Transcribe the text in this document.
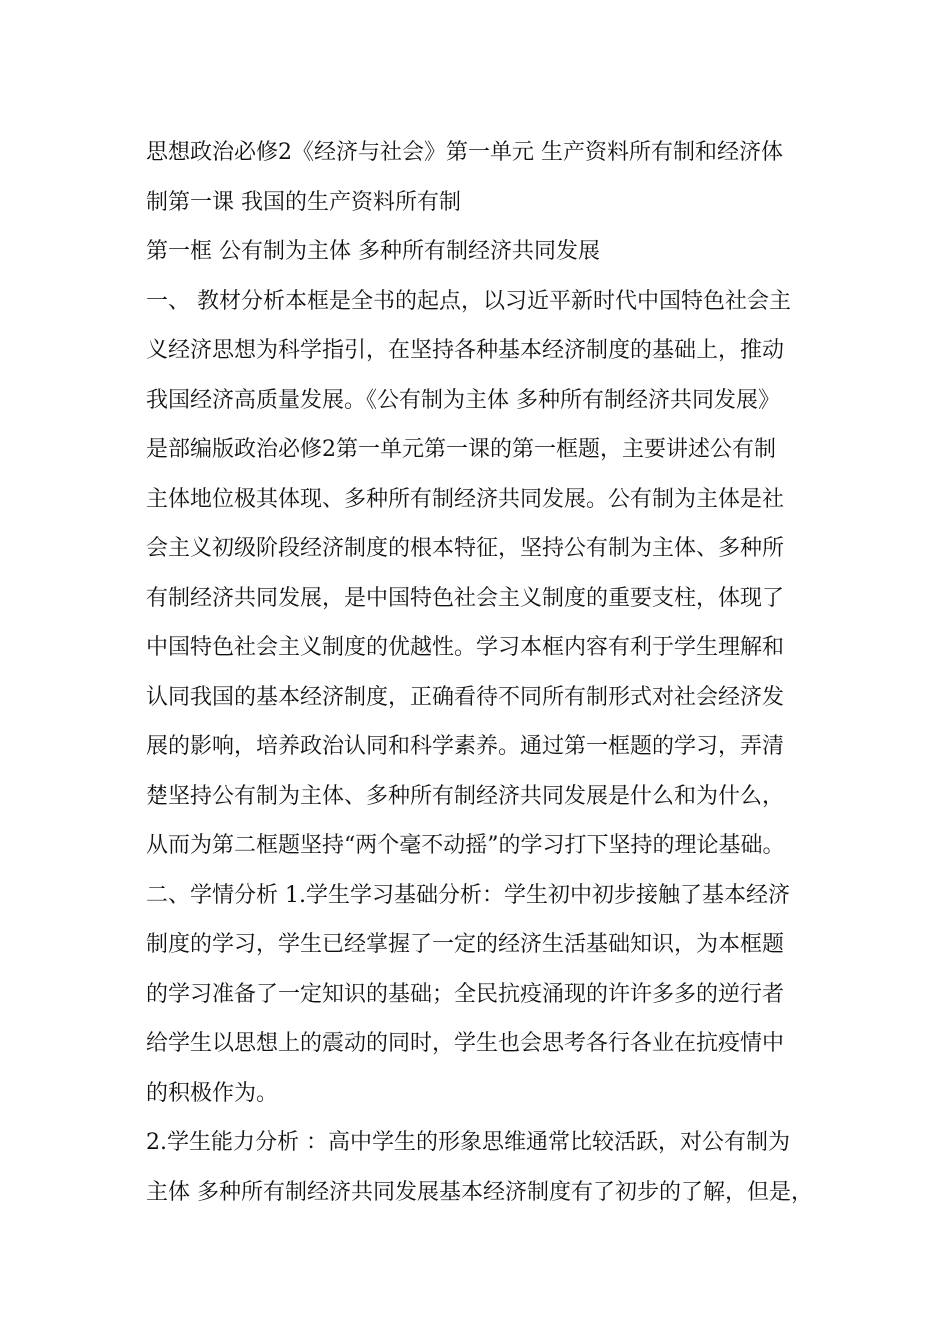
思想政治必修2《经济与社会》第一单元 生产资料所有制和经济体
制第一课 我国的生产资料所有制
第一框 公有制为主体 多种所有制经济共同发展
一、 教材分析本框是全书的起点，以习近平新时代中国特色社会主
义经济思想为科学指引，在坚持各种基本经济制度的基础上，推动
我国经济高质量发展。《公有制为主体 多种所有制经济共同发展》
是部编版政治必修2第一单元第一课的第一框题，主要讲述公有制
主体地位极其体现、多种所有制经济共同发展。公有制为主体是社
会主义初级阶段经济制度的根本特征，坚持公有制为主体、多种所
有制经济共同发展，是中国特色社会主义制度的重要支柱，体现了
中国特色社会主义制度的优越性。学习本框内容有利于学生理解和
认同我国的基本经济制度，正确看待不同所有制形式对社会经济发
展的影响，培养政治认同和科学素养。通过第一框题的学习，弄清
楚坚持公有制为主体、多种所有制经济共同发展是什么和为什么，
从而为第二框题坚持“两个毫不动摇”的学习打下坚持的理论基础。
二、学情分析 1.学生学习基础分析：学生初中初步接触了基本经济
制度的学习，学生已经掌握了一定的经济生活基础知识，为本框题
的学习准备了一定知识的基础；全民抗疫涌现的许许多多的逆行者
给学生以思想上的震动的同时，学生也会思考各行各业在抗疫情中
的积极作为。
2.学生能力分析 ：高中学生的形象思维通常比较活跃，对公有制为
主体 多种所有制经济共同发展基本经济制度有了初步的了解，但是，
